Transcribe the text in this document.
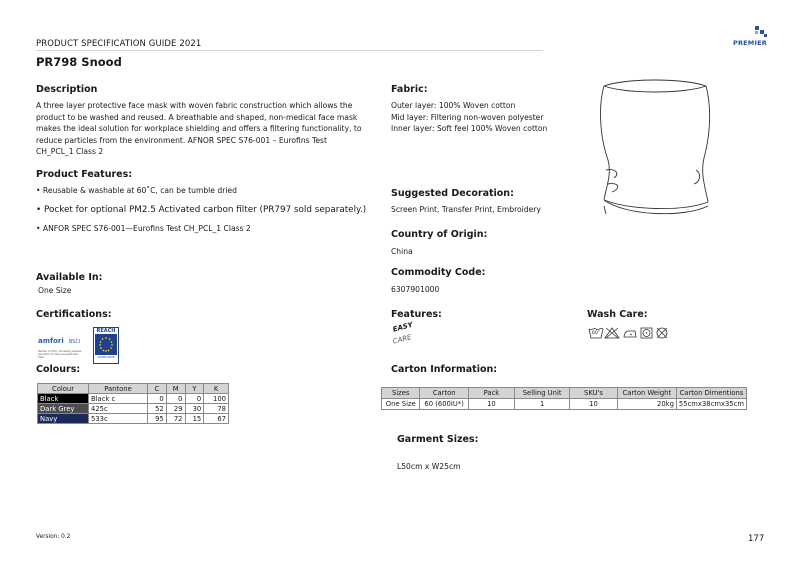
PRODUCT SPECIFICATION GUIDE 2021
PR798 Snood
PREMIER
Description
A three layer protective face mask with woven fabric construction which allows the
product to be washed and reused. A breathable and shaped, non-medical face mask
makes the ideal solution for workplace shielding and offers a filtering functionality, to
reduce particles from the environment. AFNOR SPEC S76-001 – Eurofins Test
CH_PCL_1 Class 2
Product Features:
• Reusable & washable at 60˚C, can be tumble dried
• Pocket for optional PM2.5 Activated carbon filter (PR797 sold separately.)
• ANFOR SPEC S76-001—Eurofins Test CH_PCL_1 Class 2
Available In:
One Size
Certifications:
amfori BSCI
Member of amfori, the leading business association for open and sustainable trade.
REACH
COMPLIANCE
Colours:
Colour	Pantone	C	M	Y	K
Black	Black c	0	0	0	100
Dark Grey	425c	52	29	30	78
Navy	533c	95	72	15	67
Fabric:
Outer layer: 100% Woven cotton
Mid layer: Filtering non-woven polyester
Inner layer: Soft feel 100% Woven cotton
Suggested Decoration:
Screen Print, Transfer Print, Embroidery
Country of Origin:
China
Commodity Code:
6307901000
Features:
EASY
CARE
Wash Care:
60˚
Carton Information:
Sizes	Carton	Pack	Selling Unit	SKU's	Carton Weight	Carton Dimentions
One Size	60 (600IU*)	10	1	10	20kg	55cmx38cmx35cm
Garment Sizes:
L50cm x W25cm
Version: 0.2	177
